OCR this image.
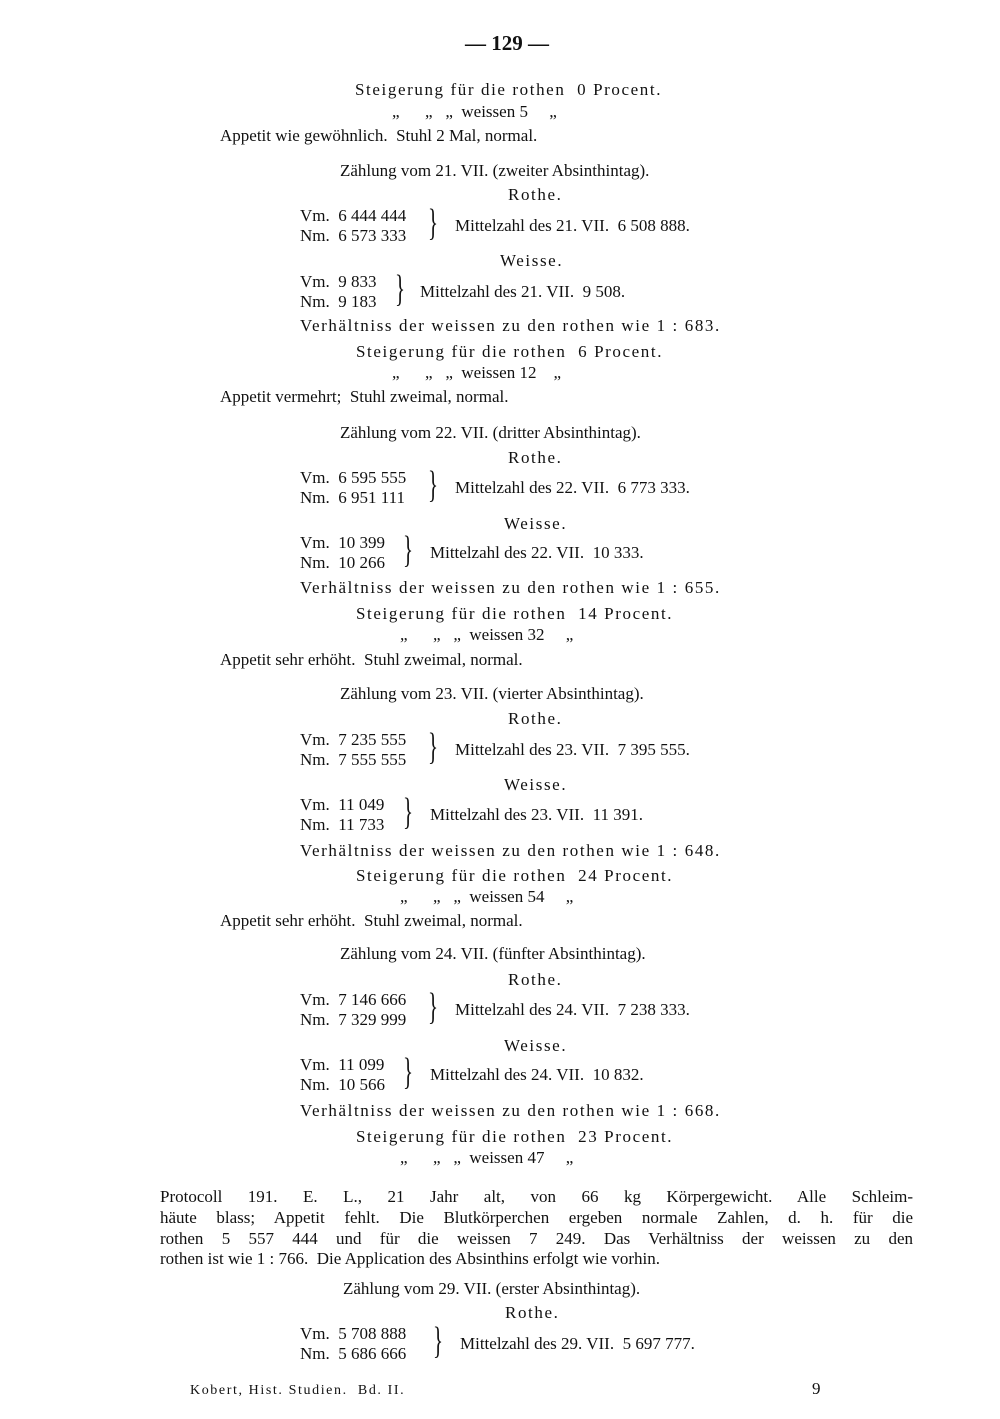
— 129 —
Steigerung für die rothen  0 Procent.
„      „   „  weissen 5     „
Appetit wie gewöhnlich.  Stuhl 2 Mal, normal.
Zählung vom 21. VII. (zweiter Absinthintag).
Rothe.
Vm.  6 444 444
Nm.  6 573 333 } Mittelzahl des 21. VII.  6 508 888.
Weisse.
Vm.  9 833
Nm.  9 183 } Mittelzahl des 21. VII.  9 508.
Verhältniss der weissen zu den rothen wie 1 : 683.
Steigerung für die rothen  6 Procent.
„      „   „  weissen 12    „
Appetit vermehrt;  Stuhl zweimal, normal.
Zählung vom 22. VII. (dritter Absinthintag).
Rothe.
Vm.  6 595 555
Nm.  6 951 111 } Mittelzahl des 22. VII.  6 773 333.
Weisse.
Vm.  10 399
Nm.  10 266 } Mittelzahl des 22. VII.  10 333.
Verhältniss der weissen zu den rothen wie 1 : 655.
Steigerung für die rothen  14 Procent.
„      „   „  weissen 32     „
Appetit sehr erhöht.  Stuhl zweimal, normal.
Zählung vom 23. VII. (vierter Absinthintag).
Rothe.
Vm.  7 235 555
Nm.  7 555 555 } Mittelzahl des 23. VII.  7 395 555.
Weisse.
Vm.  11 049
Nm.  11 733 } Mittelzahl des 23. VII.  11 391.
Verhältniss der weissen zu den rothen wie 1 : 648.
Steigerung für die rothen  24 Procent.
„      „   „  weissen 54     „
Appetit sehr erhöht.  Stuhl zweimal, normal.
Zählung vom 24. VII. (fünfter Absinthintag).
Rothe.
Vm.  7 146 666
Nm.  7 329 999 } Mittelzahl des 24. VII.  7 238 333.
Weisse.
Vm.  11 099
Nm.  10 566 } Mittelzahl des 24. VII.  10 832.
Verhältniss der weissen zu den rothen wie 1 : 668.
Steigerung für die rothen  23 Procent.
„      „   „  weissen 47     „
Protocoll 191. E. L., 21 Jahr alt, von 66 kg Körpergewicht. Alle Schleim-
häute blass; Appetit fehlt. Die Blutkörperchen ergeben normale Zahlen, d. h. für die
rothen 5 557 444 und für die weissen 7 249. Das Verhältniss der weissen zu den
rothen ist wie 1 : 766.  Die Application des Absinthins erfolgt wie vorhin.
Zählung vom 29. VII. (erster Absinthintag).
Rothe.
Vm.  5 708 888
Nm.  5 686 666 } Mittelzahl des 29. VII.  5 697 777.
Kobert, Hist. Studien.  Bd. II.	9
